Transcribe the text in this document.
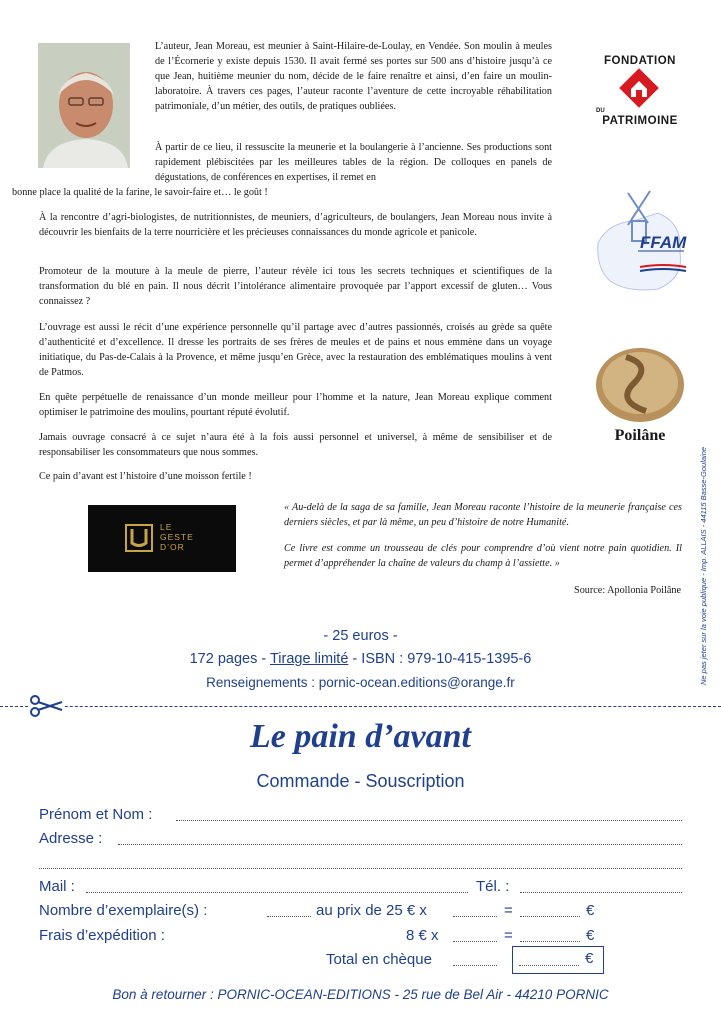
L’auteur, Jean Moreau, est meunier à Saint-Hilaire-de-Loulay, en Vendée. Son moulin à meules de l’Écornerie y existe depuis 1530. Il avait fermé ses portes sur 500 ans d’histoire jusqu’à ce que Jean, huitième meunier du nom, décide de le faire renaître et ainsi, d’en faire un moulin-laboratoire. À travers ces pages, l’auteur raconte l’aventure de cette incroyable réhabilitation patrimoniale, d’un métier, des outils, de pratiques oubliées.

À partir de ce lieu, il ressuscite la meunerie et la boulangerie à l’ancienne. Ses productions sont rapidement plébiscitées par les meilleures tables de la région. De colloques en panels de dégustations, de conférences en expertises, il remet en

bonne place la qualité de la farine, le savoir-faire et… le goût !

À la rencontre d’agri-biologistes, de nutritionnistes, de meuniers, d’agriculteurs, de boulangers, Jean Moreau nous invite à découvrir les bienfaits de la terre nourricière et les précieuses connaissances du monde agricole et panicole.

Promoteur de la mouture à la meule de pierre, l’auteur révèle ici tous les secrets techniques et scientifiques de la transformation du blé en pain. Il nous décrit l’intolérance alimentaire provoquée par l’apport excessif de gluten… Vous connaissez ?

L’ouvrage est aussi le récit d’une expérience personnelle qu’il partage avec d’autres passionnés, croisés au grède sa quête d’authenticité et d’excellence. Il dresse les portraits de ses frères de meules et de pains et nous emmène dans un voyage initiatique, du Pas-de-Calais à la Provence, et même jusqu’en Grèce, avec la restauration des emblématiques moulins à vent de Patmos.

En quête perpétuelle de renaissance d’un monde meilleur pour l’homme et la nature, Jean Moreau explique comment optimiser le patrimoine des moulins, pourtant réputé évolutif.

Jamais ouvrage consacré à ce sujet n’aura été à la fois aussi personnel et universel, à même de sensibiliser et de responsabiliser les consommateurs que nous sommes.

Ce pain d’avant est l’histoire d’une moisson fertile !

FONDATION
DU
PATRIMOINE
FFAM
Poilâne
Ne pas jeter sur la voie publique - Imp. ALLAIS - 44115 Basse-Goulaine
LE
GESTE
D’OR

« Au-delà de la saga de sa famille, Jean Moreau raconte l’histoire de la meunerie française ces derniers siècles, et par là même, un peu d’histoire de notre Humanité.

Ce livre est comme un trousseau de clés pour comprendre d’où vient notre pain quotidien. Il permet d’appréhender la chaîne de valeurs du champ à l’assiette. »

Source: Apollonia Poilâne
- 25 euros -
172 pages - Tirage limité - ISBN : 979-10-415-1395-6
Renseignements : pornic-ocean.editions@orange.fr
Le pain d’avant
Commande - Souscription
Prénom et Nom :
Adresse :
Mail :	Tél. :
Nombre d’exemplaire(s) :	au prix de 25 € x	=	€
Frais d’expédition :	8 € x	=	€
Total en chèque	€
Bon à retourner : PORNIC-OCEAN-EDITIONS - 25 rue de Bel Air - 44210 PORNIC
